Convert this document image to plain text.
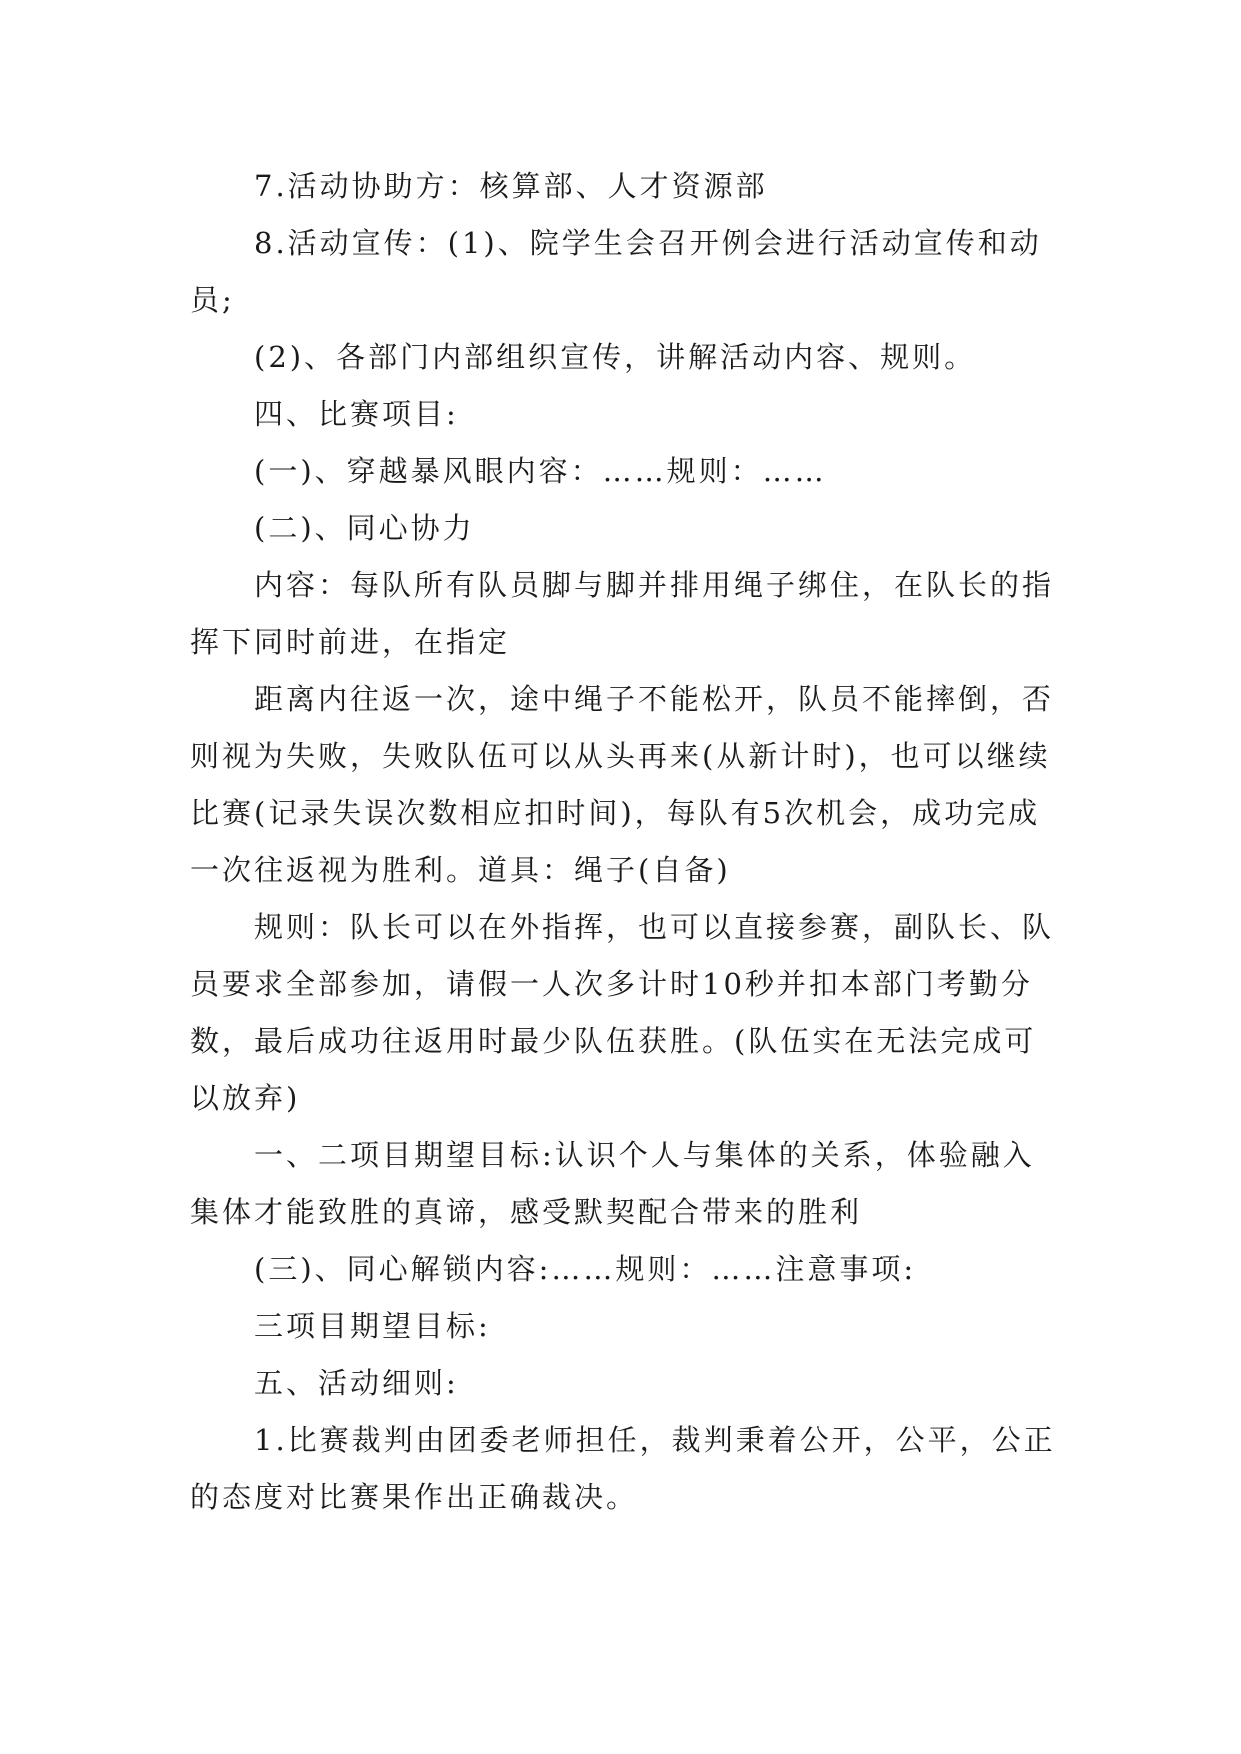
7.活动协助方：核算部、人才资源部

8.活动宣传：(1)、院学生会召开例会进行活动宣传和动员;

(2)、各部门内部组织宣传，讲解活动内容、规则。

四、比赛项目:

(一)、穿越暴风眼内容：……规则：……

(二)、同心协力

内容：每队所有队员脚与脚并排用绳子绑住，在队长的指挥下同时前进，在指定

距离内往返一次，途中绳子不能松开，队员不能摔倒，否则视为失败，失败队伍可以从头再来(从新计时)，也可以继续比赛(记录失误次数相应扣时间)，每队有5次机会，成功完成一次往返视为胜利。道具：绳子(自备)

规则：队长可以在外指挥，也可以直接参赛，副队长、队员要求全部参加，请假一人次多计时10秒并扣本部门考勤分数，最后成功往返用时最少队伍获胜。(队伍实在无法完成可以放弃)

一、二项目期望目标:认识个人与集体的关系，体验融入集体才能致胜的真谛，感受默契配合带来的胜利

(三)、同心解锁内容:……规则：……注意事项:

三项目期望目标:

五、活动细则:

1.比赛裁判由团委老师担任，裁判秉着公开，公平，公正的态度对比赛果作出正确裁决。
